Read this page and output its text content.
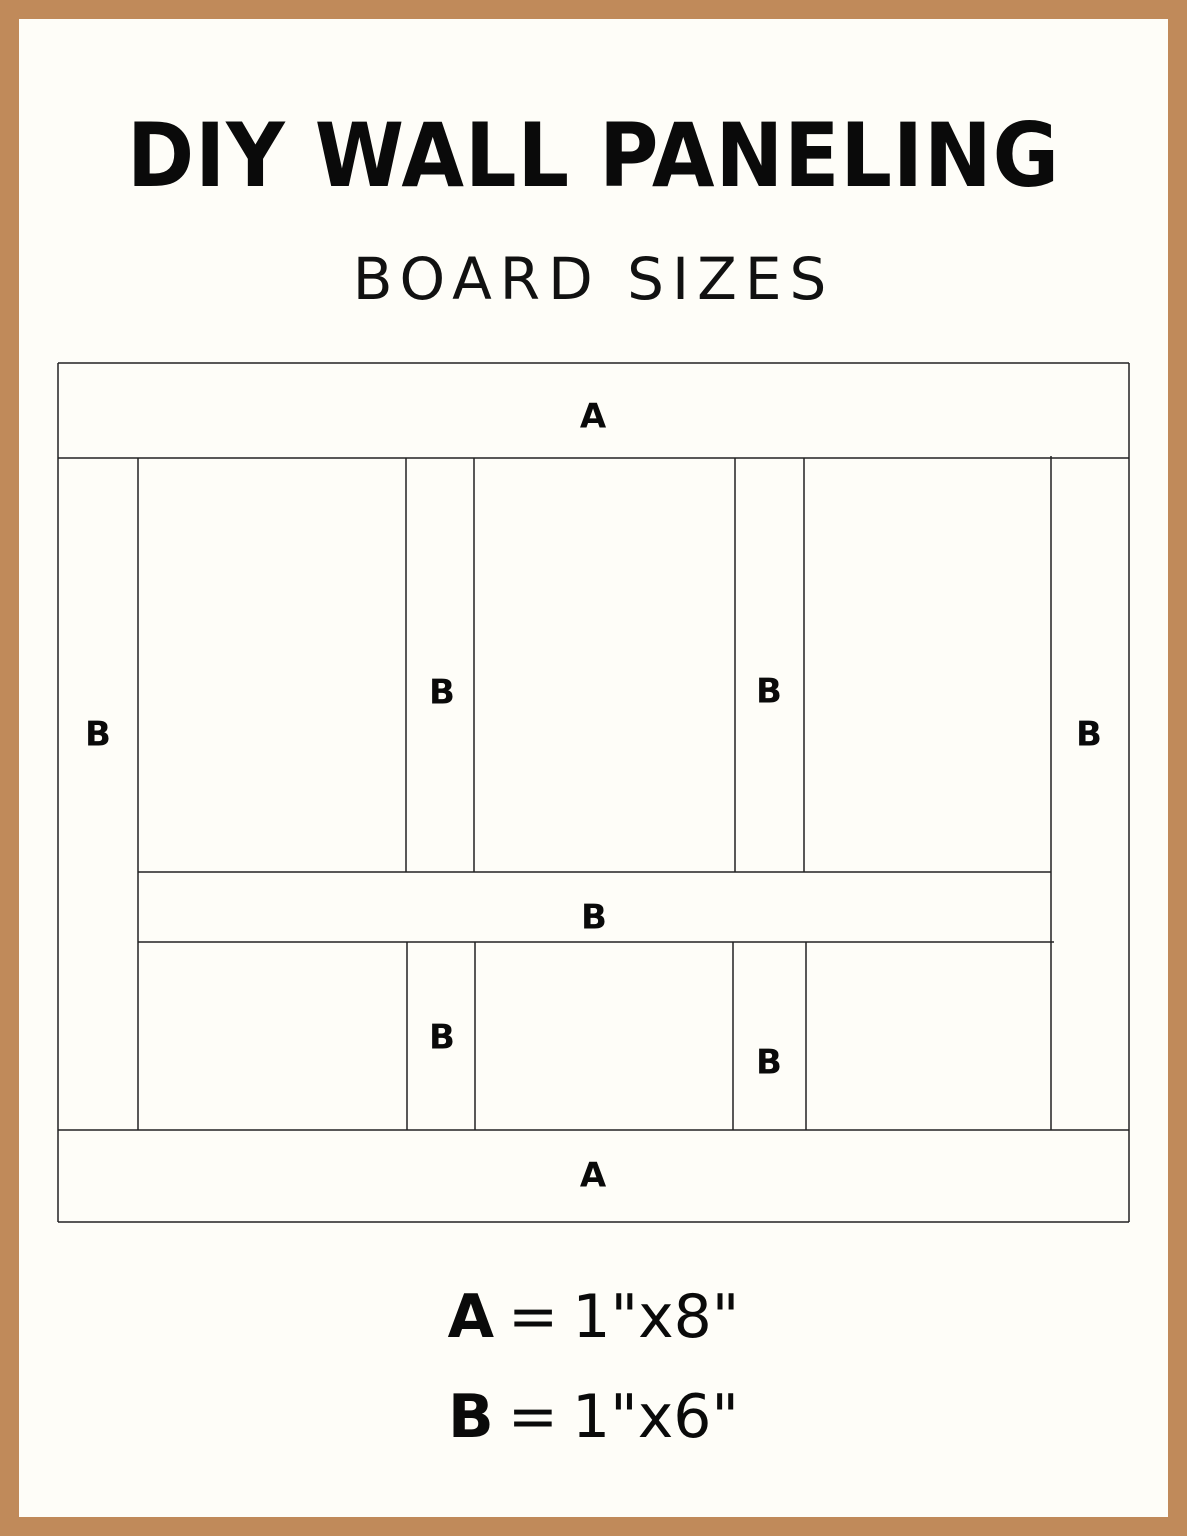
DIY WALL PANELING
BOARD SIZES
A
B
B	B
B
B
B
B
A
A = 1"x8"
B = 1"x6"
